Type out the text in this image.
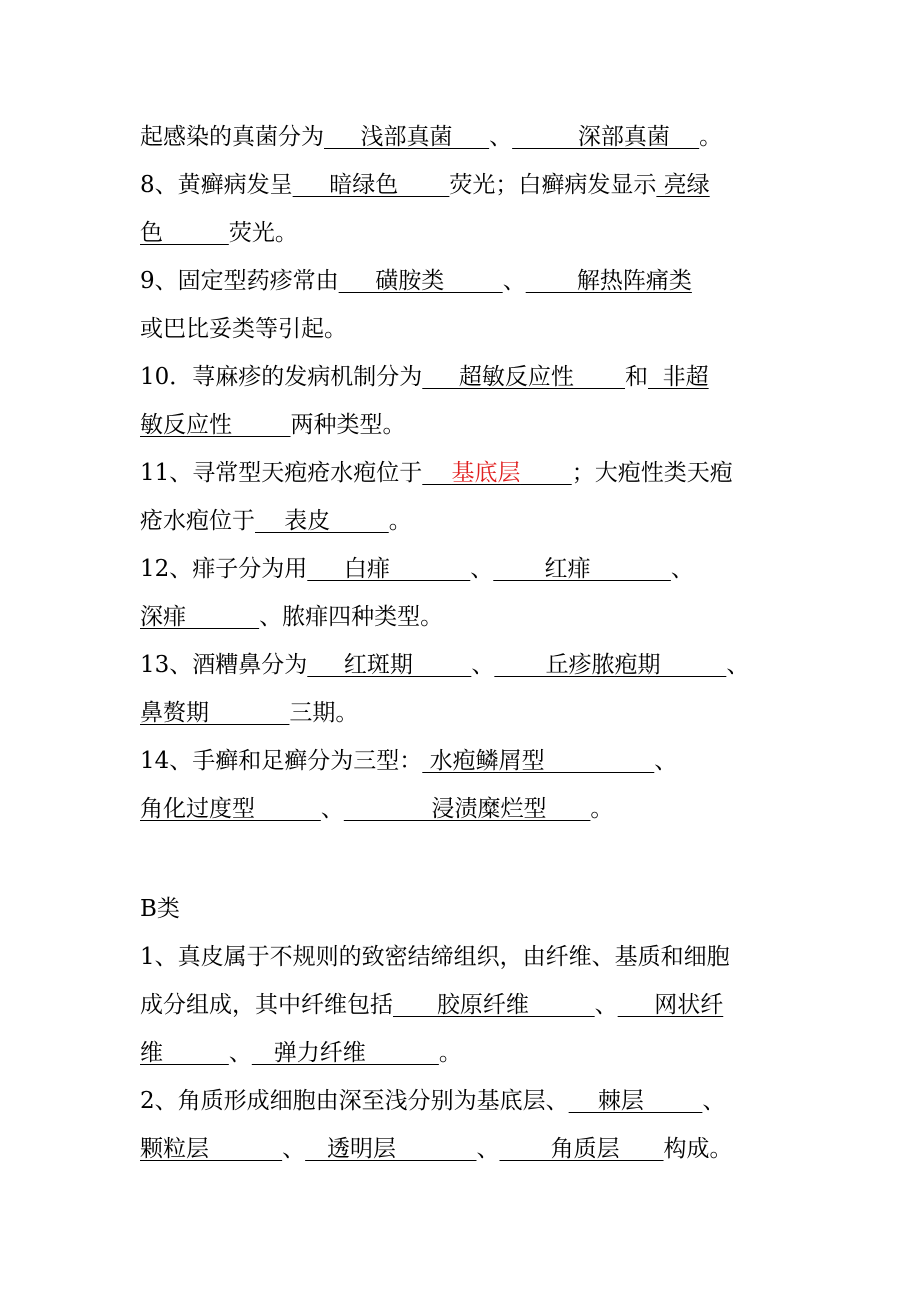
起感染的真菌分为     浅部真菌     、         深部真菌    。
8、黄癣病发呈     暗绿色       荧光；白癣病发显示 亮绿
色         荧光。
9、固定型药疹常由     磺胺类        、       解热阵痛类
或巴比妥类等引起。
10．荨麻疹的发病机制分为     超敏反应性       和  非超
敏反应性        两种类型。
11、寻常型天疱疮水疱位于 基底层 ；大疱性类天疱
疮水疱位于    表皮        。
12、痱子分为用     白痱           、       红痱           、
深痱          、脓痱四种类型。
13、酒糟鼻分为     红斑期        、       丘疹脓疱期         、
鼻赘期           三期。
14、手癣和足癣分为三型： 水疱鳞屑型               、
角化过度型         、            浸渍糜烂型      。
B类
1、真皮属于不规则的致密结缔组织，由纤维、基质和细胞
成分组成，其中纤维包括      胶原纤维         、     网状纤
维         、   弹力纤维          。
2、角质形成细胞由深至浅分别为基底层、    棘层        、
颗粒层          、   透明层           、       角质层      构成。
